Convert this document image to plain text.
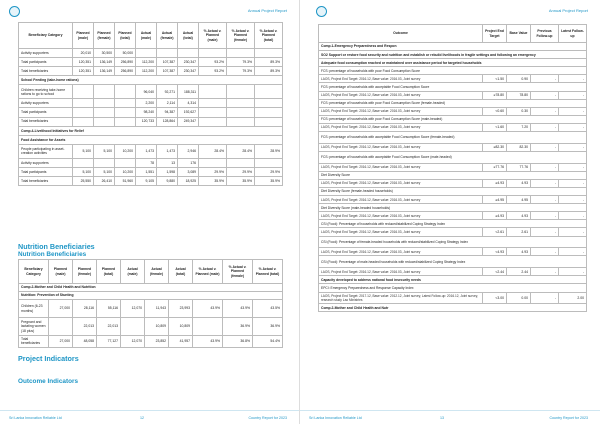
Annual Project Report
Beneficiary Category	Planned (male)	Planned (female)	Planned (total)	Actual (male)	Actual (female)	Actual (total)	% Actual v. Planned (male)	% Actual v. Planned (female)	% Actual v. Planned (total)
Activity supporters	20,010	30,500	50,000						
Total participants	120,351	136,149	256,890	112,200	107,387	230,347	93.2%	79.3%	89.3%
Total beneficiaries	120,351	136,149	256,890	112,200	107,387	230,347	93.2%	79.3%	89.3%
School Feeding (take-home rations)									
Children receiving take-home rations to go to school				96,040	92,271	188,311			
Activity supporters				2,200	2,114	4,314			
Total participants				98,240	94,387	192,627			
Total beneficiaries				120,733	128,864	249,347			
Comp.4-Livelihood Initiatives for Relief									
Food Assistance for Assets									
People participating in asset-creation activities	5,100	5,100	10,200	1,473	1,473	2,946	28.4%	28.4%	28.9%
Activity supporters				78	13	176			
Total participants	5,100	5,100	10,200	1,551	1,598	3,089	29.9%	29.9%	29.9%
Total beneficiaries	25,550	26,410	51,960	9,105	9,880	18,925	35.9%	35.9%	35.9%
Nutrition Beneficiaries
Nutrition Beneficiaries
Beneficiary Category	Planned (male)	Planned (female)	Planned (total)	Actual (male)	Actual (female)	Actual (total)	% Actual v. Planned (male)	% Actual v. Planned (female)	% Actual v. Planned (total)
Comp.2-Mother and Child Health and Nutrition									
Nutrition: Prevention of Stunting									
Children (6-23 months)	27,000	28,116	55,116	12,070	11,943	23,993	43.9%	43.9%	43.5%
Pregnant and lactating women (18 plus)		22,013	22,013		10,809	10,809		36.9%	36.9%
Total beneficiaries	27,000	48,058	77,127	12,070	23,852	41,957	43.9%	36.8%	54.4%
Project Indicators
Outcome Indicators
Sri Lanka Innovation Reliable Ltd	12	Country Report for 2023
Annual Project Report
Outcome	Project End Target	Base Value	Previous Follow-up	Latest Follow-up
Comp.1-Emergency Preparedness and Respon				
SO2 Support or restore food security and nutrition and establish or rebuild livelihoods in fragile settings and following an emergency				
Adequate food consumption reached or maintained over assistance period for targeted households				
FCS: percentage of households with poor Food Consumption Score				
LAOS, Project End Target: 2016.12, Base value: 2016.03, Joint survey	<1.50	0.90	-	-
FCS: percentage of households with acceptable Food Consumption Score				
LAOS, Project End Target: 2016.12, Base value: 2016.03, Joint survey	≥78.80	78.80	-	-
FCS: percentage of households with poor Food Consumption Score (female-headed)				
LAOS, Project End Target: 2016.12, Base value: 2016.03, Joint survey	<0.60	0.30	-	-
FCS: percentage of households with poor Food Consumption Score (male-headed)				
LAOS, Project End Target: 2016.12, Base value: 2016.03, Joint survey	<1.60	7.20	-	-
FCS: percentage of households with acceptable Food Consumption Score (female-headed)				
LAOS, Project End Target: 2016.12, Base value: 2016.03, Joint survey	≥82.30	82.30	-	-
FCS: percentage of households with acceptable Food Consumption Score (male-headed)				
LAOS, Project End Target: 2016.12, Base value: 2016.03, Joint survey	≥77.76	77.76	-	-
Diet Diversity Score				
LAOS, Project End Target: 2016.12, Base value: 2016.03, Joint survey	≥4.93	4.93	-	-
Diet Diversity Score (female-headed households)				
LAOS, Project End Target: 2016.12, Base value: 2016.03, Joint survey	≥4.95	4.95	-	-
Diet Diversity Score (male-headed households)				
LAOS, Project End Target: 2016.12, Base value: 2016.03, Joint survey	≥4.93	4.93	-	-
CSI (Food): Percentage of households with reduced/stabilized Coping Strategy Index				
LAOS, Project End Target: 2016.12, Base value: 2016.03, Joint survey	<2.61	2.61	-	-
CSI (Food): Percentage of female-headed households with reduced/stabilized Coping Strategy Index				
LAOS, Project End Target: 2016.12, Base value: 2016.03, Joint survey	<4.93	4.93	-	-
CSI (Food): Percentage of male-headed households with reduced/stabilized Coping Strategy Index				
LAOS, Project End Target: 2016.12, Base value: 2016.03, Joint survey	<2.44	2.44	-	-
Capacity developed to address national food insecurity needs				
EPCI: Emergency Preparedness and Response Capacity Index				
LAOS, Project End Target: 2017.12, Base value: 2012.12, Joint survey, Latest Follow-up: 2016.12, Joint survey, research study Lao Ministries	<3.00	0.00	-	2.00
Comp.2-Mother and Child Health and Nutr				
Sri Lanka Innovation Reliable Ltd	13	Country Report for 2023
